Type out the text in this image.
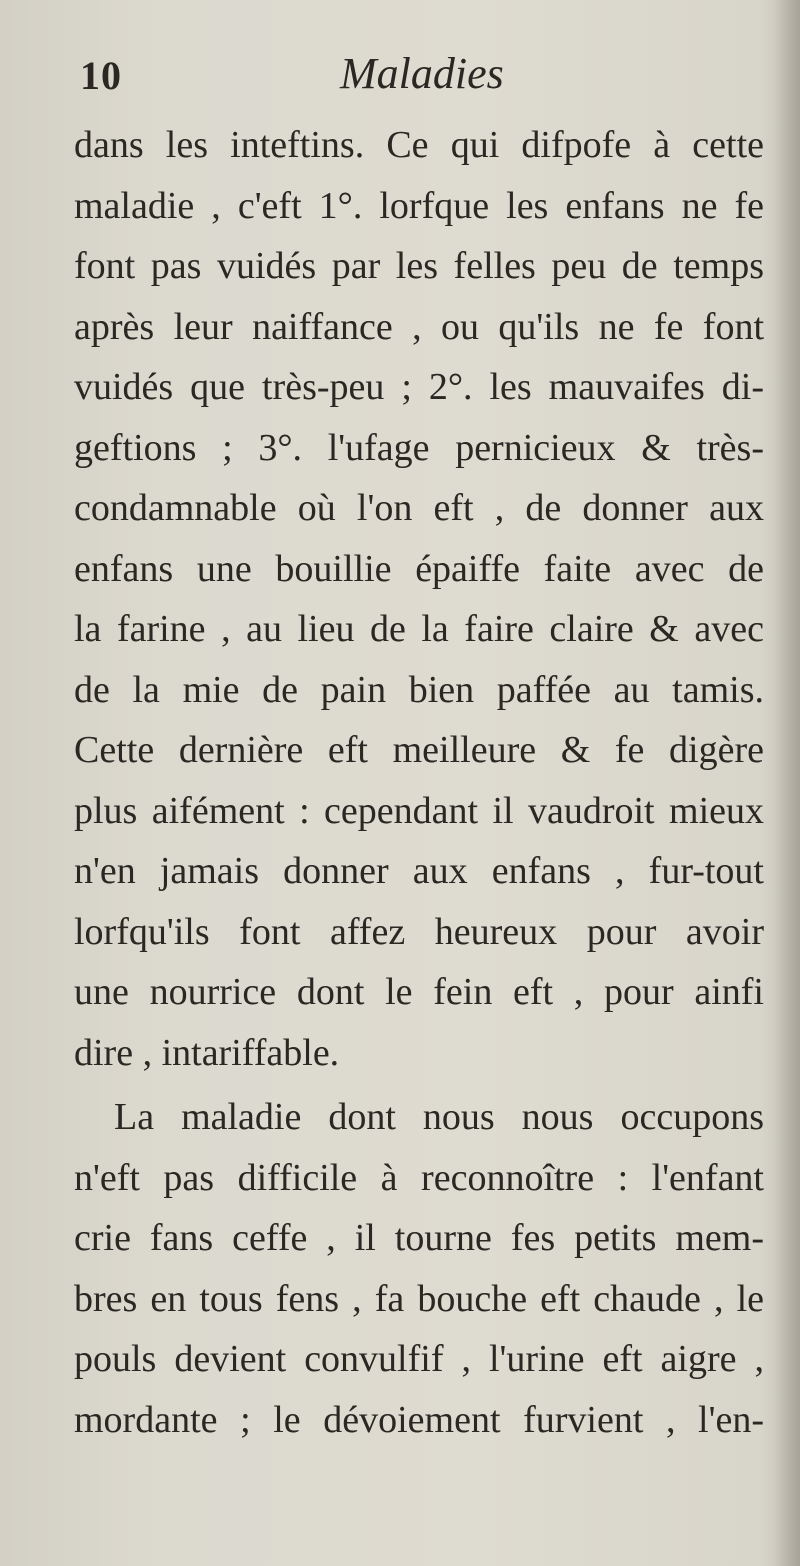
10	Maladies
dans les inteftins. Ce qui difpofe à cette
maladie , c'eft 1°. lorfque les enfans ne fe
font pas vuidés par les felles peu de temps
après leur naiffance , ou qu'ils ne fe font
vuidés que très-peu ; 2°. les mauvaifes di-
geftions ; 3°. l'ufage pernicieux & très-
condamnable où l'on eft , de donner aux
enfans une bouillie épaiffe faite avec de
la farine , au lieu de la faire claire & avec
de la mie de pain bien paffée au tamis.
Cette dernière eft meilleure & fe digère
plus aifément : cependant il vaudroit mieux
n'en jamais donner aux enfans , fur-tout
lorfqu'ils font affez heureux pour avoir
une nourrice dont le fein eft , pour ainfi
dire , intariffable.
La maladie dont nous nous occupons
n'eft pas difficile à reconnoître : l'enfant
crie fans ceffe , il tourne fes petits mem-
bres en tous fens , fa bouche eft chaude , le
pouls devient convulfif , l'urine eft aigre ,
mordante ; le dévoiement furvient , l'en-
